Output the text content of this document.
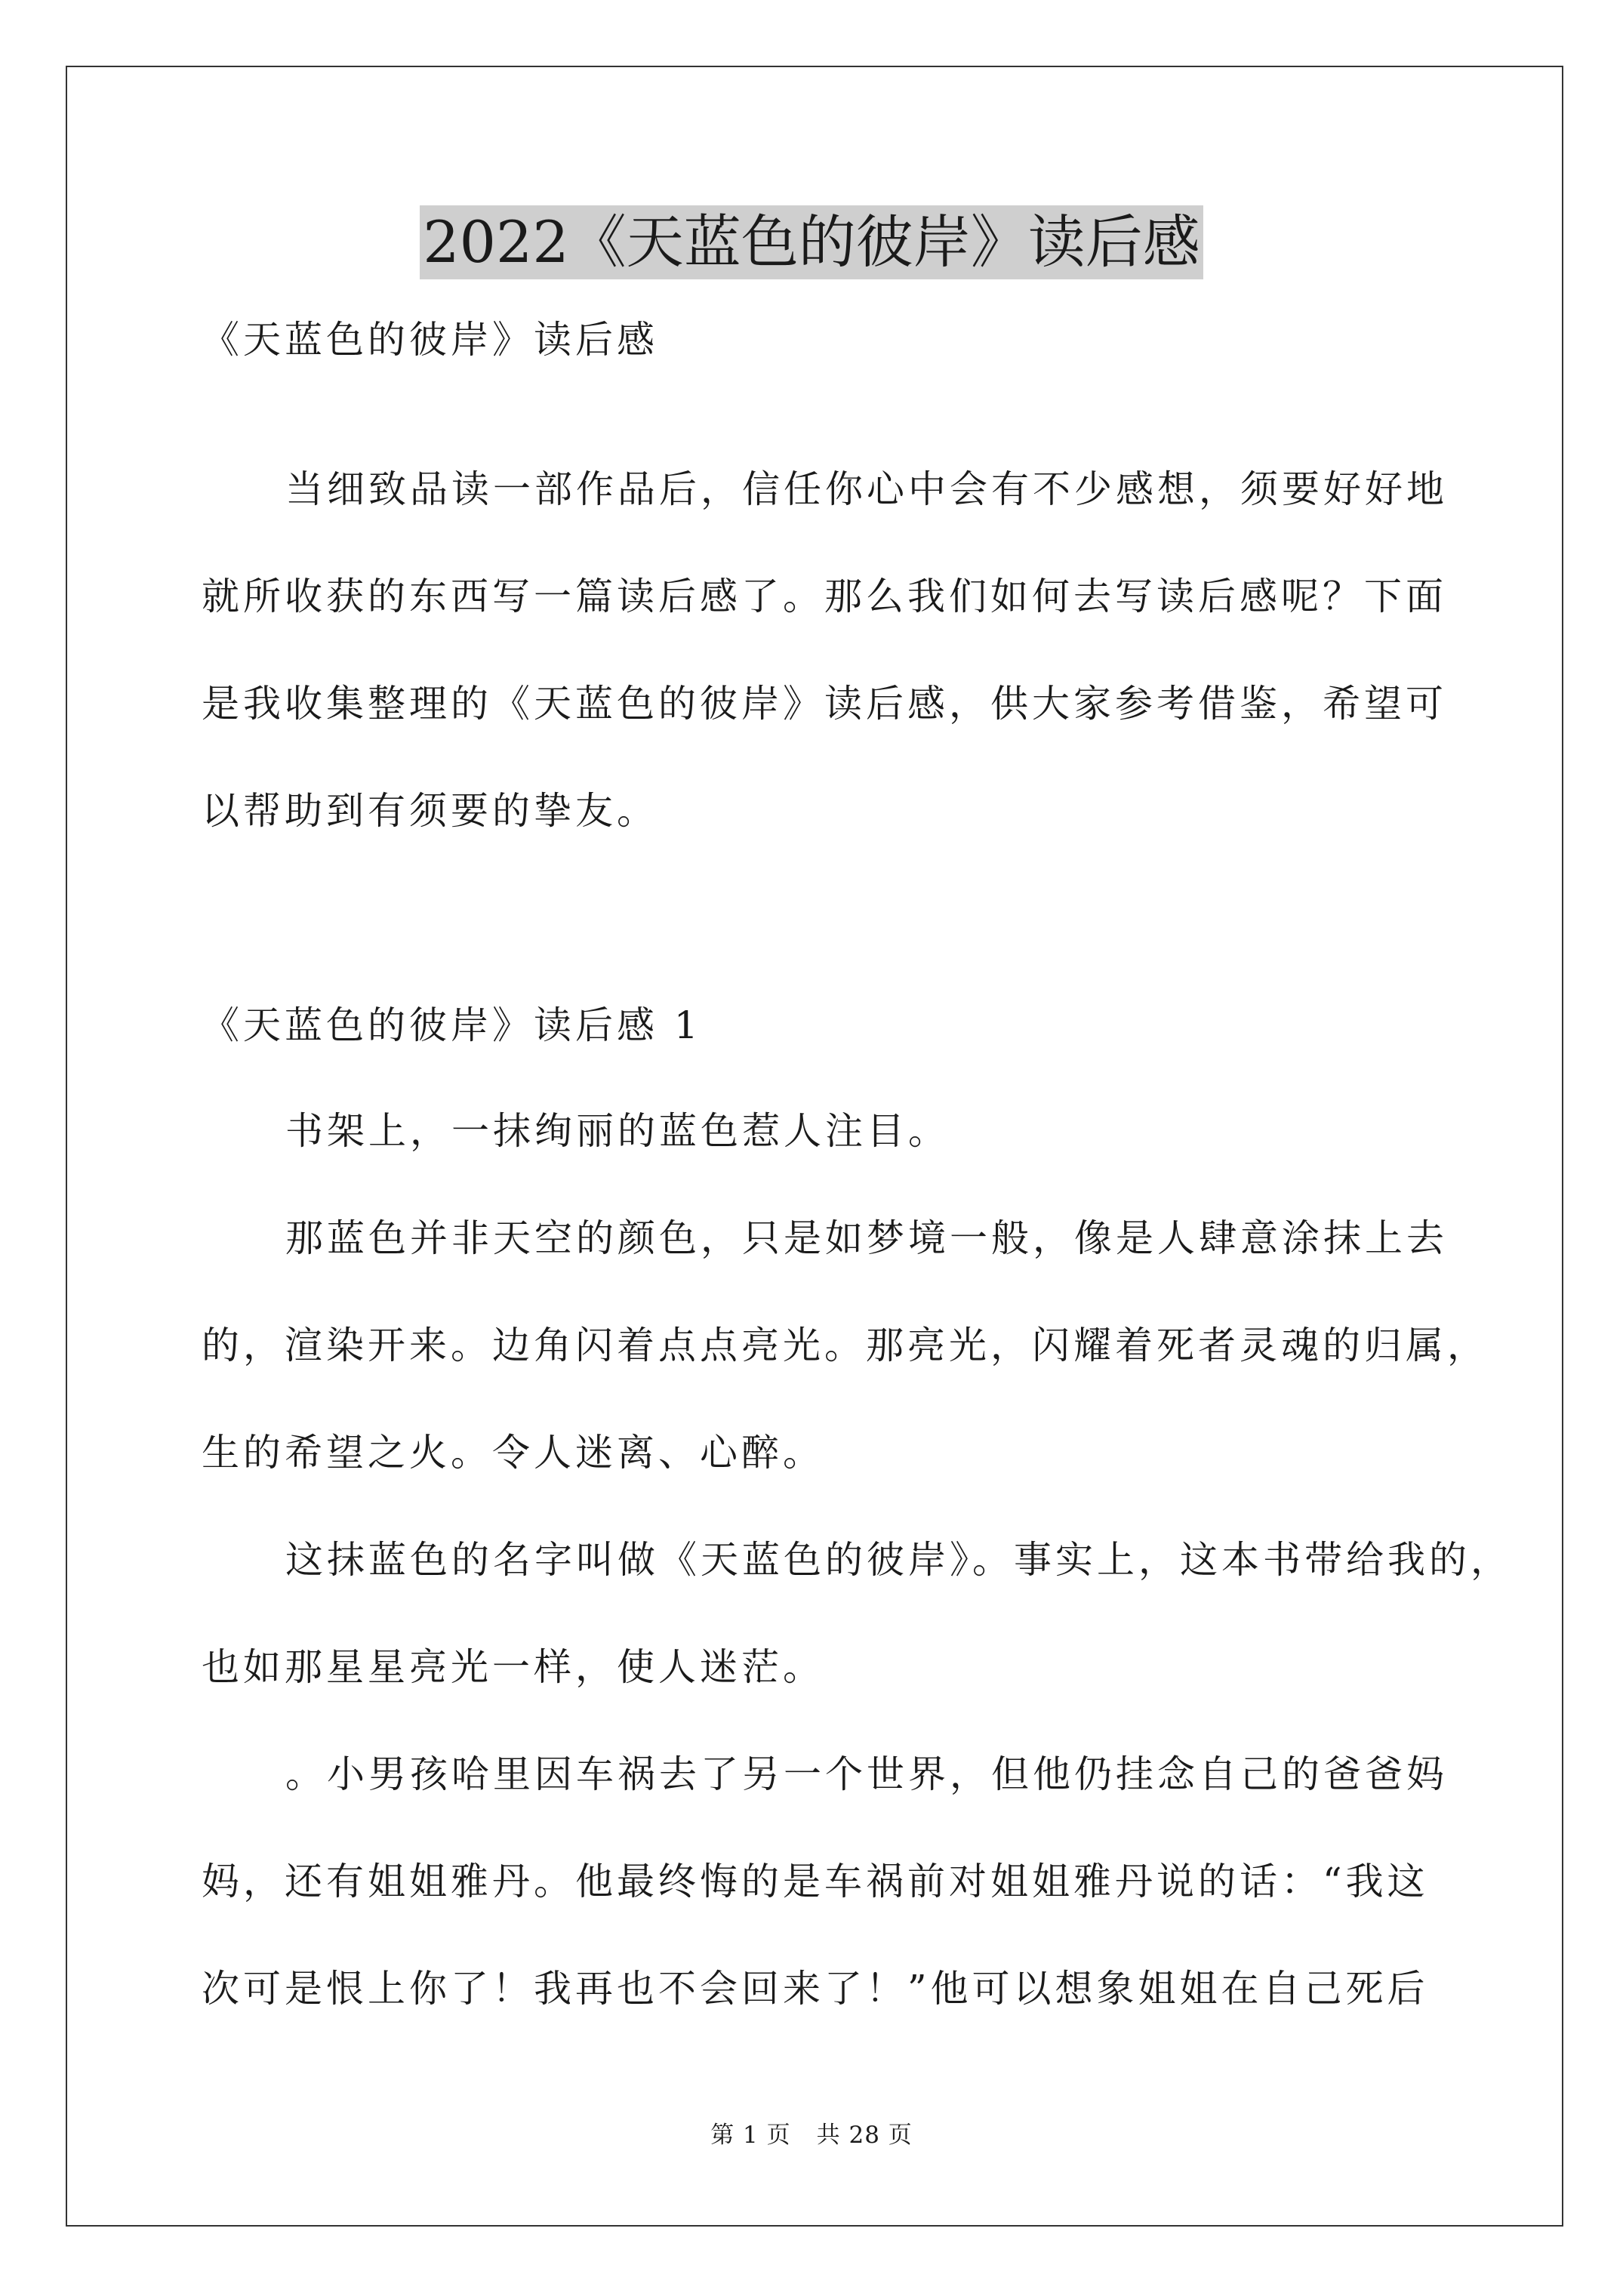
2022《天蓝色的彼岸》读后感
《天蓝色的彼岸》读后感
当细致品读一部作品后，信任你心中会有不少感想，须要好好地
就所收获的东西写一篇读后感了。那么我们如何去写读后感呢？下面
是我收集整理的《天蓝色的彼岸》读后感，供大家参考借鉴，希望可
以帮助到有须要的挚友。
《天蓝色的彼岸》读后感 1
书架上，一抹绚丽的蓝色惹人注目。
那蓝色并非天空的颜色，只是如梦境一般，像是人肆意涂抹上去
的，渲染开来。边角闪着点点亮光。那亮光，闪耀着死者灵魂的归属，
生的希望之火。令人迷离、心醉。
这抹蓝色的名字叫做《天蓝色的彼岸》。事实上，这本书带给我的，
也如那星星亮光一样，使人迷茫。
。小男孩哈里因车祸去了另一个世界，但他仍挂念自己的爸爸妈
妈，还有姐姐雅丹。他最终悔的是车祸前对姐姐雅丹说的话：“我这
次可是恨上你了！我再也不会回来了！”他可以想象姐姐在自己死后
第 1 页 共 28 页
